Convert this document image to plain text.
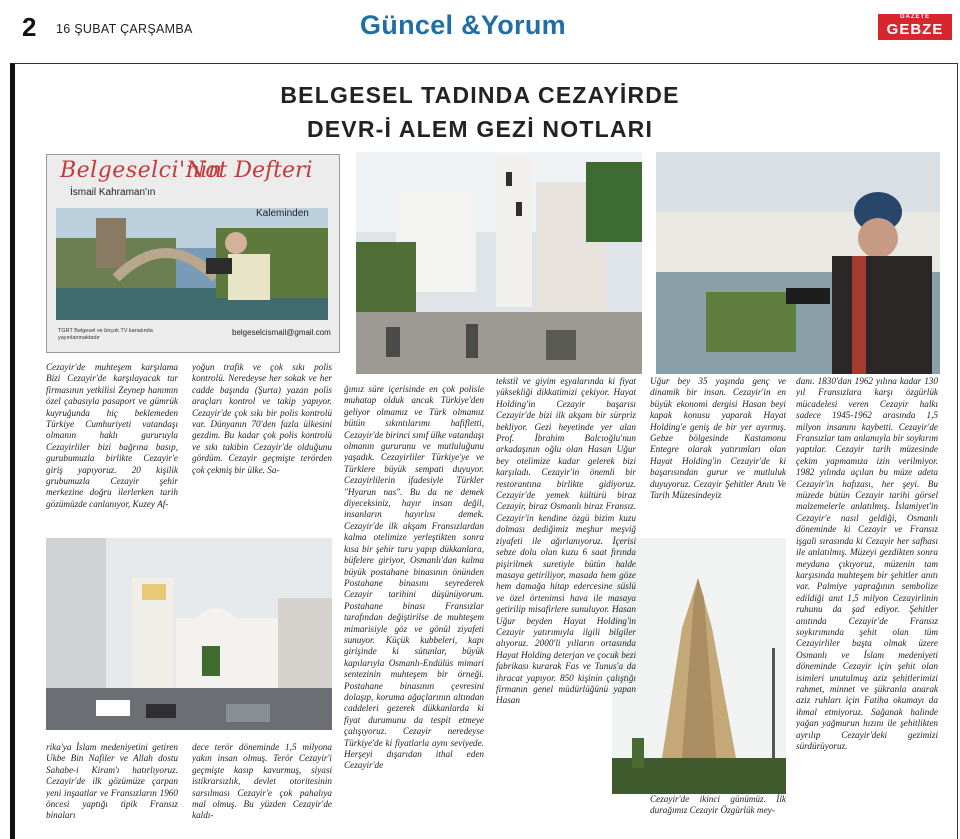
2 16 ŞUBAT ÇARŞAMBA	Güncel &Yorum	GAZETE
GEBZE
BELGESEL TADINDA CEZAYİRDE
DEVR-İ ALEM GEZİ NOTLARI
Belgeselci'nin
Not Defteri
İsmail Kahraman'ın
Kaleminden
TGRT Belgesel ve birçok TV kanalında yayınlanmaktadır
belgeselcismail@gmail.com

Cezayir'de muhteşem karşılama Bizi Cezayir'de karşılayacak tur firmasının yetkilisi Zeynep hanımın özel çabasıyla pasaport ve gümrük kuyruğunda hiç beklemeden Türkiye Cumhuriyeti vatandaşı olmanın haklı gururuyla Cezayirliler bizi bağrına basıp, gurubumuzla birlikte Cezayir'e giriş yapıyoruz. 20 kişilik grubumuzla Cezayir şehir merkezine doğru ilerlerken tarih gözümüzde canlanıyor, Kuzey Af-

yoğun trafik ve çok sıkı polis kontrolü. Neredeyse her sokak ve her cadde başında (Şurta) yazan polis araçları kontrol ve takip yapıyor. Cezayir'de çok sıkı bir polis kontrolü var. Dünyanın 70'den fazla ülkesini gezdim. Bu kadar çok polis kontrolü ve sıkı takibin Cezayir'de olduğunu gördüm. Cezayir geçmişte terörden çok çekmiş bir ülke. Sa-

ğımız süre içerisinde en çok polisle muhatap olduk ancak Türkiye'den geliyor olmamız ve Türk olmamız bütün sıkıntılarımı hafifletti, Cezayir'de birinci sınıf ülke vatandaşı olmanın gururunu ve mutluluğunu yaşadık. Cezayirliler Türkiye'ye ve Türklere büyük sempati duyuyor. Cezayirlilerin ifadesiyle Türkler "Hyarun nas". Bu da ne demek diyeceksiniz, hayır insan değil, insanların hayırlısı demek. Cezayir'de ilk akşam Fransızlardan kalma otelimize yerleştikten sonra kısa bir şehir turu yapıp dükkanlara, büfelere giriyor, Osmanlı'dan kalma büyük postahane binasının önünden Postahane binasını seyrederek Cezayir tarihini düşünüyorum. Postahane binası Fransızlar tarafından değiştirilse de muhteşem mimarisiyle göz ve gönül ziyafeti sunuyor. Küçük kubbeleri, kapı girişinde ki sütunlar, büyük kapılarıyla Osmanlı-Endülüs mimari sentezinin muhteşem bir örneği. Postahane binasının çevresini dolaşıp, koruma ağaçlarının altından caddeleri gezerek dükkanlarda ki fiyat durumunu da tespit etmeye çalışıyoruz. Cezayir neredeyse Türkiye'de ki fiyatlarla aynı seviyede. Herşeyi dışarıdan ithal eden Cezayir'de

tekstil ve giyim eşyalarında ki fiyat yüksekliği dikkatimizi çekiyor. Hayat Holding'in Cezayir başarısı Cezayir'de bizi ilk akşam bir sürpriz bekliyor. Gezi heyetinde yer alan Prof. İbrahim Balcıoğlu'nun arkadaşının oğlu olan Hasan Uğur bey otelimize kadar gelerek bizi karşıladı. Cezayir'in önemli bir restorantına birlikte gidiyoruz. Cezayir'de yemek kültürü biraz Cezayir, biraz Osmanlı biraz Fransız. Cezayir'in kendine özgü bizim kuzu dolması dediğimiz meşhur meşviğ ziyafeti ile ağırlanıyoruz. İçerisi sebze dolu olan kuzu 6 saat fırında pişirilmek suretiyle bütün halde masaya getiriliyor, masada hem göze hem damağa hitap edercesine süslü ve özel örtenimsi hava ile masaya getirilip misafirlere sunuluyor. Hasan Uğur beyden Hayat Holding'in Cezayir yatırımıyla ilgili bilgiler alıyoruz. 2000'li yılların ortasında Hayat Holding deterjan ve çocuk bezi fabrikası kurarak Fas ve Tunus'a da ihracat yapıyor. 850 kişinin çalıştığı firmanın genel müdürlüğünü yapan Hasan

Uğur bey 35 yaşında genç ve dinamik bir insan. Cezayir'in en büyük ekonomi dergisi Hasan beyi kapak konusu yaparak Hayat Holding'e geniş de bir yer ayırmış. Gebze bölgesinde Kastamonu Entegre olarak yatırımları olan Hayat Holding'in Cezayir'de ki başarısından gurur ve mutluluk duyuyoruz. Cezayir Şehitler Anıtı Ve Tarih Müzesindeyiz

Cezayir'de ikinci günümüz. İlk durağımız Cezayir Özgürlük mey-

danı. 1830'dan 1962 yılına kadar 130 yıl Fransızlara karşı özgürlük mücadelesi veren Cezayir halkı sadece 1945-1962 arasında 1,5 milyon insanını kaybetti. Cezayir'de Fransızlar tam anlamıyla bir soykırım yaptılar. Cezayir tarih müzesinde çekim yapmamıza izin verilmiyor. 1982 yılında açılan bu müze adeta Cezayir'in hafızası, her şeyi. Bu müzede bütün Cezayir tarihi görsel malzemelerle anlatılmış. İslamiyet'in Cezayir'e nasıl geldiği, Osmanlı döneminde ki Cezayir ve Fransız işgali sırasında ki Cezayir her safhası ile anlatılmış. Müzeyi gezdikten sonra meydana çıkıyoruz, müzenin tam karşısında muhteşem bir şehitler anıtı var. Palmiye yaprağının sembolize edildiği anıt 1,5 milyon Cezayirlinin ruhunu da şad ediyor. Şehitler anıtında Cezayir'de Fransız soykırımında şehit olan tüm Cezayirliler başta olmak üzere Osmanlı ve İslam medeniyeti döneminde Cezayir için şehit olan isimleri unutulmuş aziz şehitlerimizi rahmet, minnet ve şükranla anarak aziz ruhları için Fatiha okumayı da ihmal etmiyoruz. Sağanak halinde yağan yağmurun hızını ile şehitlikten ayrılıp Cezayir'deki gezimizi sürdürüyoruz.

rika'ya İslam medeniyetini getiren Ukbe Bin Nafiler ve Allah dostu Sahabe-i Kiram'ı hatırlıyoruz. Cezayir'de ilk gözümüze çarpan yeni inşaatlar ve Fransızların 1960 öncesi yaptığı tipik Fransız binaları

dece terör döneminde 1,5 milyona yakın insan olmuş. Terör Cezayir'i geçmişte kasıp kavurmuş, siyasi istikrarsızlık, devlet otoritesinin sarsılması Cezayir'e çok pahalıya mal olmuş. Bu yüzden Cezayir'de kaldı-
